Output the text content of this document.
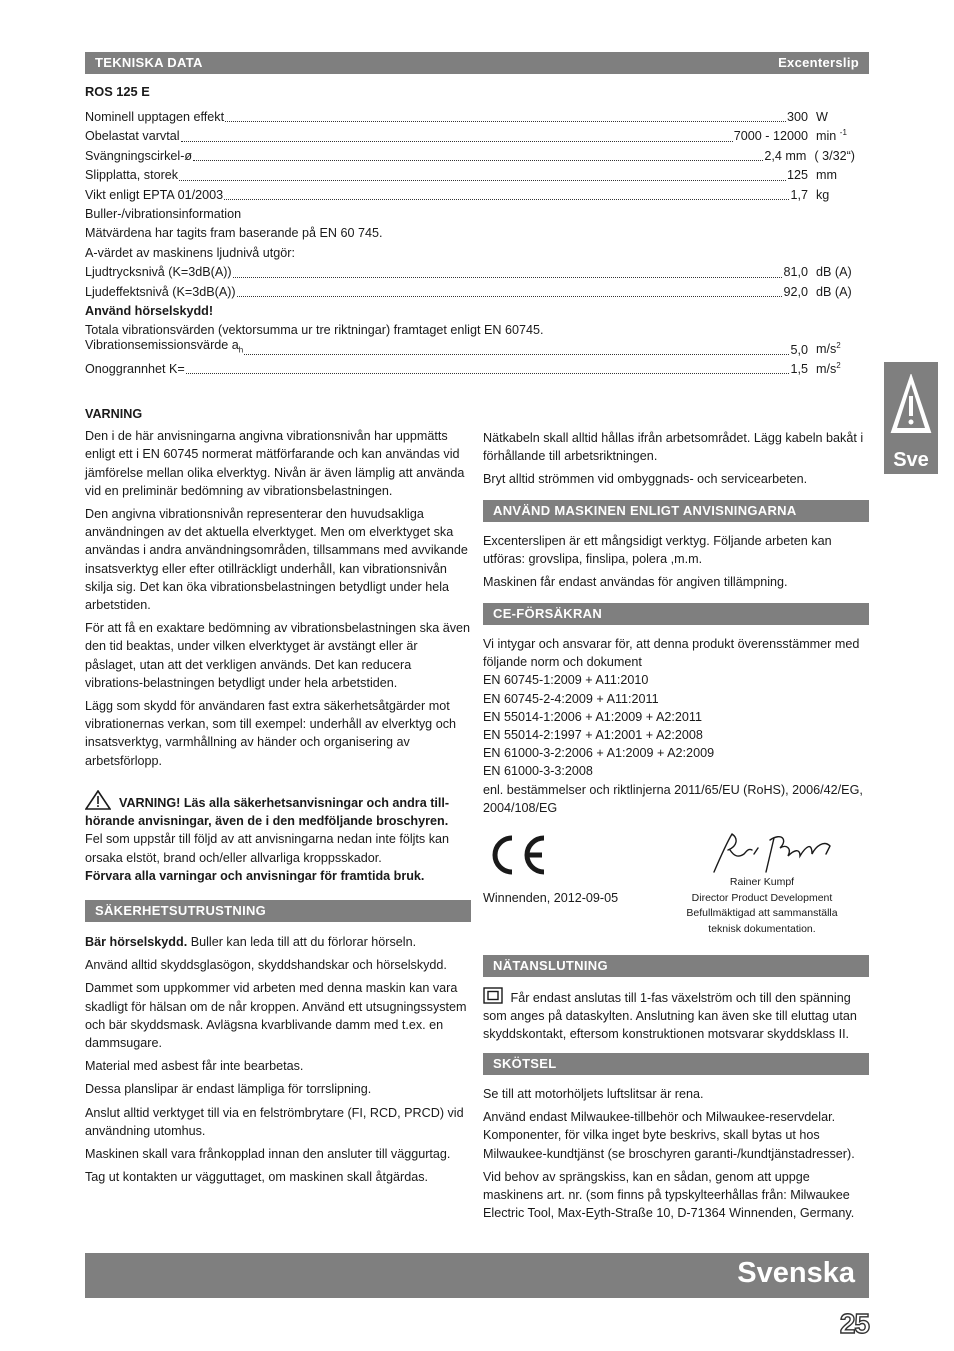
TEKNISKA DATA	Excenterslip
ROS 125 E
Nominell upptagen effekt	300 W
Obelastat varvtal	7000 - 12000 min $^{-1}$
Svängningscirkel-ø	2,4 mm ( 3/32“)
Slipplatta, storek	125 mm
Vikt enligt EPTA 01/2003	1,7 kg
Buller-/vibrationsinformation
Mätvärdena har tagits fram baserande på EN 60 745.
A-värdet av maskinens ljudnivå utgör:
Ljudtrycksnivå (K=3dB(A))	81,0 dB (A)
Ljudeffektsnivå (K=3dB(A))	92,0 dB (A)
Använd hörselskydd!
Totala vibrationsvärden (vektorsumma ur tre riktningar) framtaget enligt EN 60745.
Vibrationsemissionsvärde $a_h$	5,0 $m/s^2$
Onoggrannhet K=	1,5 $m/s^2$
Sve
VARNING

Den i de här anvisningarna angivna vibrationsnivån har uppmätts enligt ett i EN 60745 normerat mätförfarande och kan användas vid jämförelse mellan olika elverktyg. Nivån är även lämplig att använda vid en preliminär bedömning av vibrationsbelastningen.

Den angivna vibrationsnivån representerar den huvudsakliga användningen av det aktuella elverktyget. Men om elverktyget ska användas i andra användningsområden, tillsammans med avvikande insatsverktyg eller efter otillräckligt underhåll, kan vibrationsnivån skilja sig. Det kan öka vibrationsbelastningen betydligt under hela arbetstiden.

För att få en exaktare bedömning av vibrationsbelastningen ska även den tid beaktas, under vilken elverktyget är avstängt eller är påslaget, utan att det verkligen används. Det kan reducera vibrations-belastningen betydligt under hela arbetstiden.

Lägg som skydd för användaren fast extra säkerhetsåtgärder mot vibrationernas verkan, som till exempel: underhåll av elverktyg och insatsverktyg, varmhållning av händer och organisering av arbetsförlopp.

VARNING! Läs alla säkerhetsanvisningar och andra till-hörande anvisningar, även de i den medföljande broschyren.
Fel som uppstår till följd av att anvisningarna nedan inte följts kan orsaka elstöt, brand och/eller allvarliga kroppsskador.
Förvara alla varningar och anvisningar för framtida bruk.
SÄKERHETSUTRUSTNING

Bär hörselskydd. Buller kan leda till att du förlorar hörseln.

Använd alltid skyddsglasögon, skyddshandskar och hörselskydd.

Dammet som uppkommer vid arbeten med denna maskin kan vara skadligt för hälsan om de når kroppen. Använd ett utsugningssystem och bär skyddsmask. Avlägsna kvarblivande damm med t.ex. en dammsugare.

Material med asbest får inte bearbetas.

Dessa planslipar är endast lämpliga för torrslipning.

Anslut alltid verktyget till via en felströmbrytare (FI, RCD, PRCD) vid användning utomhus.

Maskinen skall vara frånkopplad innan den ansluter till väggurtag.

Tag ut kontakten ur vägguttaget, om maskinen skall åtgärdas.

Nätkabeln skall alltid hållas ifrån arbetsområdet. Lägg kabeln bakåt i förhållande till arbetsriktningen.

Bryt alltid strömmen vid ombyggnads- och servicearbeten.

ANVÄND MASKINEN ENLIGT ANVISNINGARNA

Excenterslipen är ett mångsidigt verktyg. Följande arbeten kan utföras: grovslipa, finslipa, polera ,m.m.

Maskinen får endast användas för angiven tillämpning.

CE-FÖRSÄKRAN
Vi intygar och ansvarar för, att denna produkt överensstämmer med följande norm och dokument
EN 60745-1:2009 + A11:2010
EN 60745-2-4:2009 + A11:2011
EN 55014-1:2006 + A1:2009 + A2:2011
EN 55014-2:1997 + A1:2001 + A2:2008
EN 61000-3-2:2006 + A1:2009 + A2:2009
EN 61000-3-3:2008
enl. bestämmelser och riktlinjerna 2011/65/EU (RoHS), 2006/42/EG, 2004/108/EG
Winnenden, 2012-09-05
Rainer Kumpf
Director Product Development
Befullmäktigad att sammanställa teknisk dokumentation.
NÄTANSLUTNING

Får endast anslutas till 1-fas växelström och till den spänning som anges på dataskylten. Anslutning kan även ske till eluttag utan skyddskontakt, eftersom konstruktionen motsvarar skyddsklass II.

SKÖTSEL

Se till att motorhöljets luftslitsar är rena.

Använd endast Milwaukee-tillbehör och Milwaukee-reservdelar. Komponenter, för vilka inget byte beskrivs, skall bytas ut hos Milwaukee-kundtjänst (se broschyren garanti-/kundtjänstadresser).

Vid behov av sprängskiss, kan en sådan, genom att uppge maskinens art. nr. (som finns på typskylteerhållas från: Milwaukee Electric Tool, Max-Eyth-Straße 10, D-71364 Winnenden, Germany.

Svenska
25
